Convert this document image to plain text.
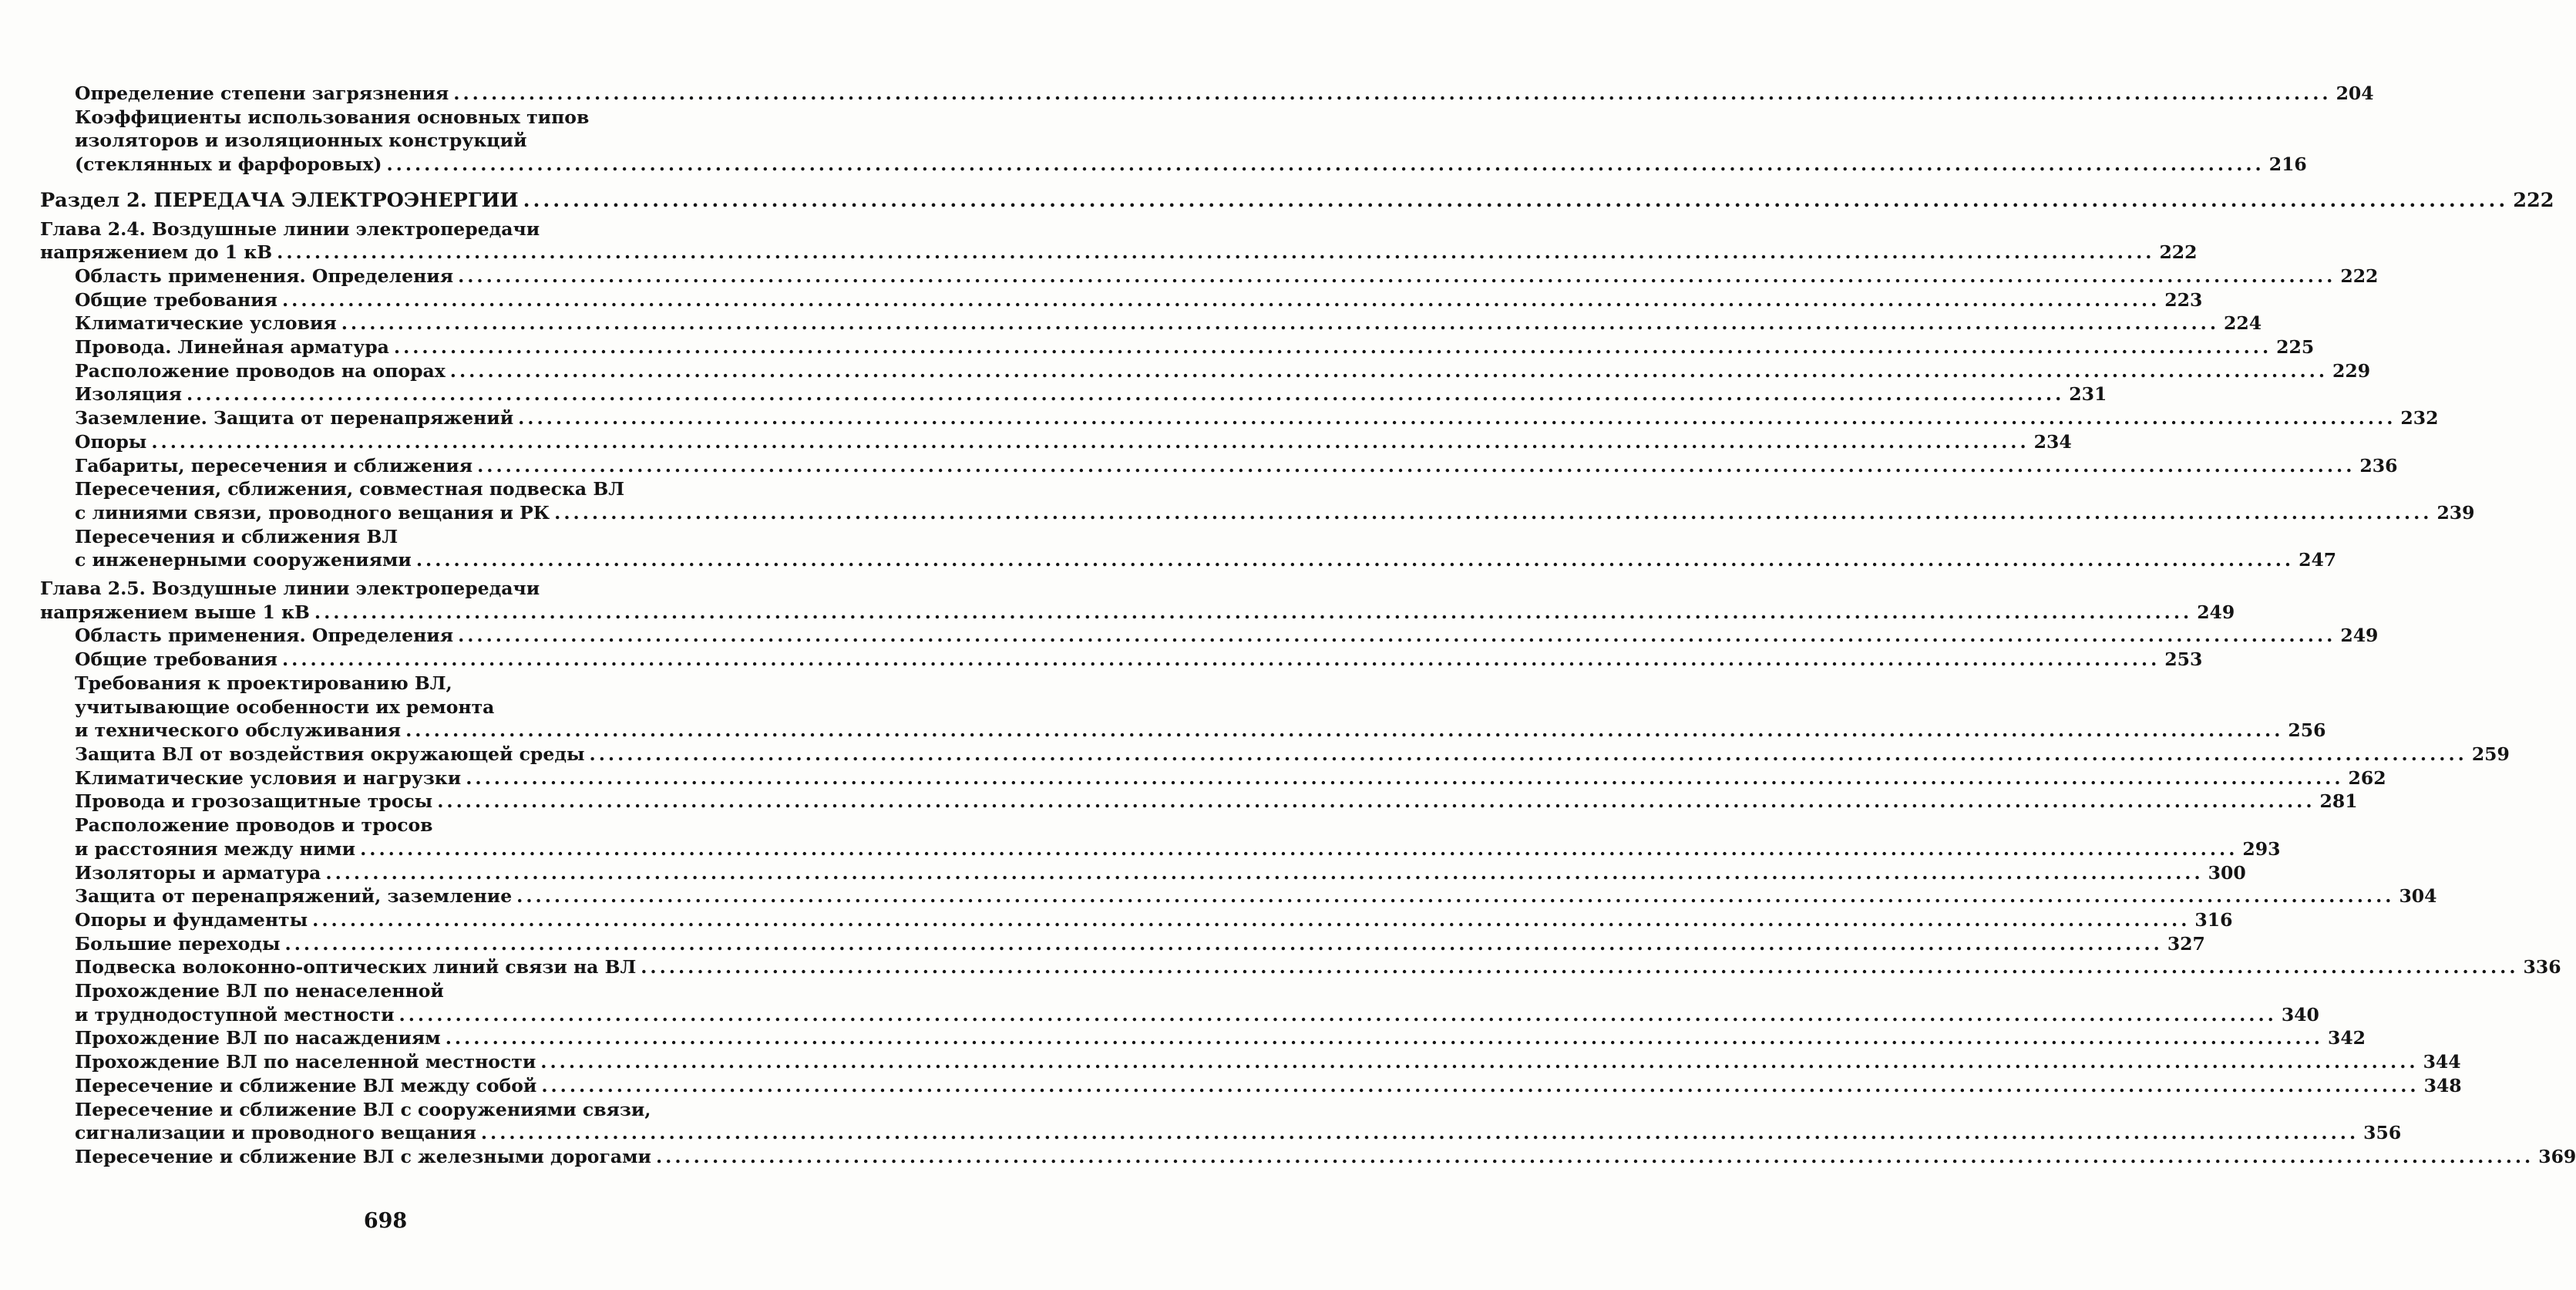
Определение степени загрязнения ........................................................................................................................................................................................................ 204
Коэффициенты использования основных типов
изоляторов и изоляционных конструкций
(стеклянных и фарфоровых) ........................................................................................................................................................................................................ 216
Раздел 2. ПЕРЕДАЧА ЭЛЕКТРОЭНЕРГИИ ........................................................................................................................................................................................................ 222
Глава 2.4. Воздушные линии электропередачи
напряжением до 1 кВ ........................................................................................................................................................................................................ 222
Область применения. Определения ........................................................................................................................................................................................................ 222
Общие требования ........................................................................................................................................................................................................ 223
Климатические условия ........................................................................................................................................................................................................ 224
Провода. Линейная арматура ........................................................................................................................................................................................................ 225
Расположение проводов на опорах ........................................................................................................................................................................................................ 229
Изоляция ........................................................................................................................................................................................................ 231
Заземление. Защита от перенапряжений ........................................................................................................................................................................................................ 232
Опоры ........................................................................................................................................................................................................ 234
Габариты, пересечения и сближения ........................................................................................................................................................................................................ 236
Пересечения, сближения, совместная подвеска ВЛ
с линиями связи, проводного вещания и РК ........................................................................................................................................................................................................ 239
Пересечения и сближения ВЛ
с инженерными сооружениями ........................................................................................................................................................................................................ 247
Глава 2.5. Воздушные линии электропередачи
напряжением выше 1 кВ ........................................................................................................................................................................................................ 249
Область применения. Определения ........................................................................................................................................................................................................ 249
Общие требования ........................................................................................................................................................................................................ 253
Требования к проектированию ВЛ,
учитывающие особенности их ремонта
и технического обслуживания ........................................................................................................................................................................................................ 256
Защита ВЛ от воздействия окружающей среды ........................................................................................................................................................................................................ 259
Климатические условия и нагрузки ........................................................................................................................................................................................................ 262
Провода и грозозащитные тросы ........................................................................................................................................................................................................ 281
Расположение проводов и тросов
и расстояния между ними ........................................................................................................................................................................................................ 293
Изоляторы и арматура ........................................................................................................................................................................................................ 300
Защита от перенапряжений, заземление ........................................................................................................................................................................................................ 304
Опоры и фундаменты ........................................................................................................................................................................................................ 316
Большие переходы ........................................................................................................................................................................................................ 327
Подвеска волоконно-оптических линий связи на ВЛ ........................................................................................................................................................................................................ 336
Прохождение ВЛ по ненаселенной
и труднодоступной местности ........................................................................................................................................................................................................ 340
Прохождение ВЛ по насаждениям ........................................................................................................................................................................................................ 342
Прохождение ВЛ по населенной местности ........................................................................................................................................................................................................ 344
Пересечение и сближение ВЛ между собой ........................................................................................................................................................................................................ 348
Пересечение и сближение ВЛ с сооружениями связи,
сигнализации и проводного вещания ........................................................................................................................................................................................................ 356
Пересечение и сближение ВЛ с железными дорогами ........................................................................................................................................................................................................ 369
698
